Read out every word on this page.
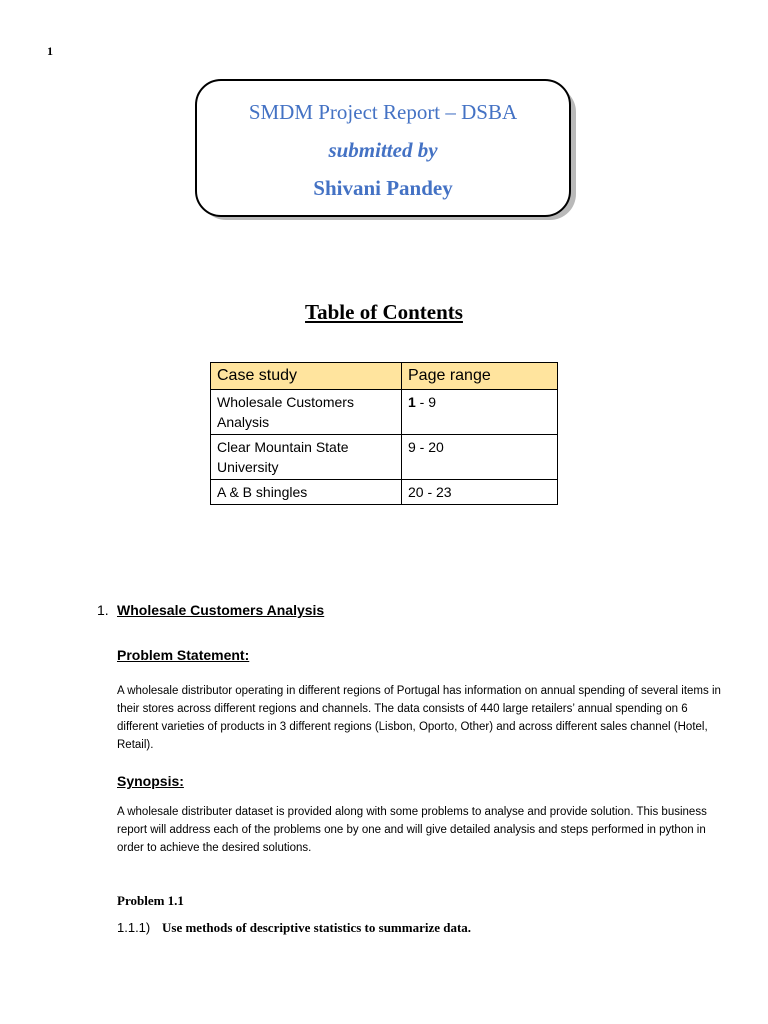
1
SMDM Project Report – DSBA
submitted by
Shivani Pandey
Table of Contents
Case study	Page range
Wholesale Customers Analysis	1 - 9
Clear Mountain State University	9 - 20
A & B shingles	20 - 23
1. Wholesale Customers Analysis
Problem Statement:
A wholesale distributor operating in different regions of Portugal has information on annual spending of several items in their stores across different regions and channels. The data consists of 440 large retailers’ annual spending on 6 different varieties of products in 3 different regions (Lisbon, Oporto, Other) and across different sales channel (Hotel, Retail).
Synopsis:
A wholesale distributer dataset is provided along with some problems to analyse and provide solution. This business report will address each of the problems one by one and will give detailed analysis and steps performed in python in order to achieve the desired solutions.
Problem 1.1
1.1.1) Use methods of descriptive statistics to summarize data.
